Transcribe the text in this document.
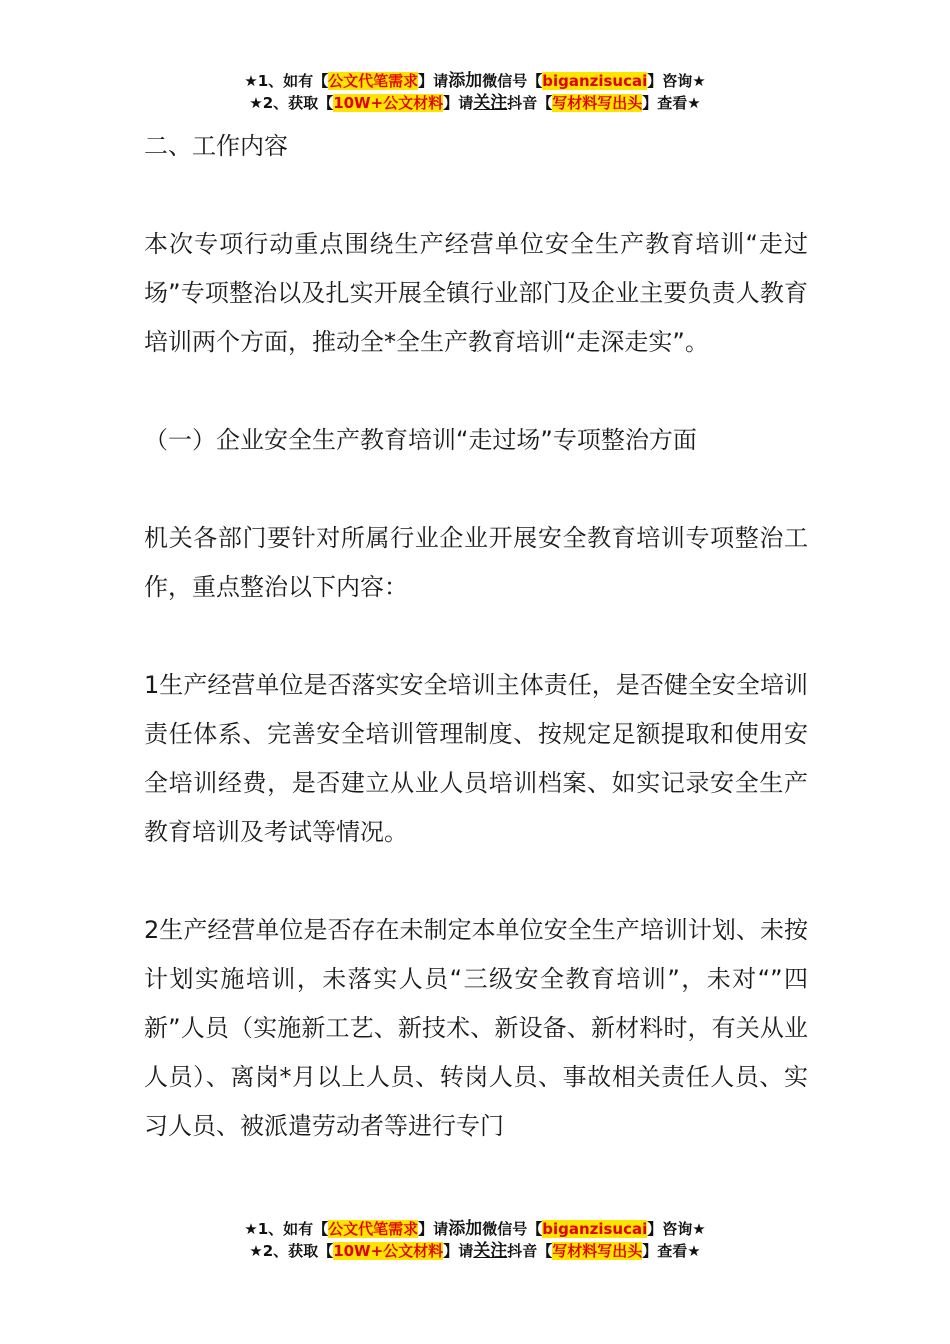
★1、如有【公文代笔需求】请添加微信号【biganzisucai】咨询★
★2、获取【10W+公文材料】请关注抖音【写材料写出头】查看★

二、工作内容

本次专项行动重点围绕生产经营单位安全生产教育培训“走过场”专项整治以及扎实开展全镇行业部门及企业主要负责人教育培训两个方面，推动全*全生产教育培训“走深走实”。

（一）企业安全生产教育培训“走过场”专项整治方面

机关各部门要针对所属行业企业开展安全教育培训专项整治工作，重点整治以下内容：

1生产经营单位是否落实安全培训主体责任，是否健全安全培训责任体系、完善安全培训管理制度、按规定足额提取和使用安全培训经费，是否建立从业人员培训档案、如实记录安全生产教育培训及考试等情况。

2生产经营单位是否存在未制定本单位安全生产培训计划、未按计划实施培训，未落实人员“三级安全教育培训”，未对“”四新”人员（实施新工艺、新技术、新设备、新材料时，有关从业人员）、离岗*月以上人员、转岗人员、事故相关责任人员、实习人员、被派遣劳动者等进行专门

★1、如有【公文代笔需求】请添加微信号【biganzisucai】咨询★
★2、获取【10W+公文材料】请关注抖音【写材料写出头】查看★
